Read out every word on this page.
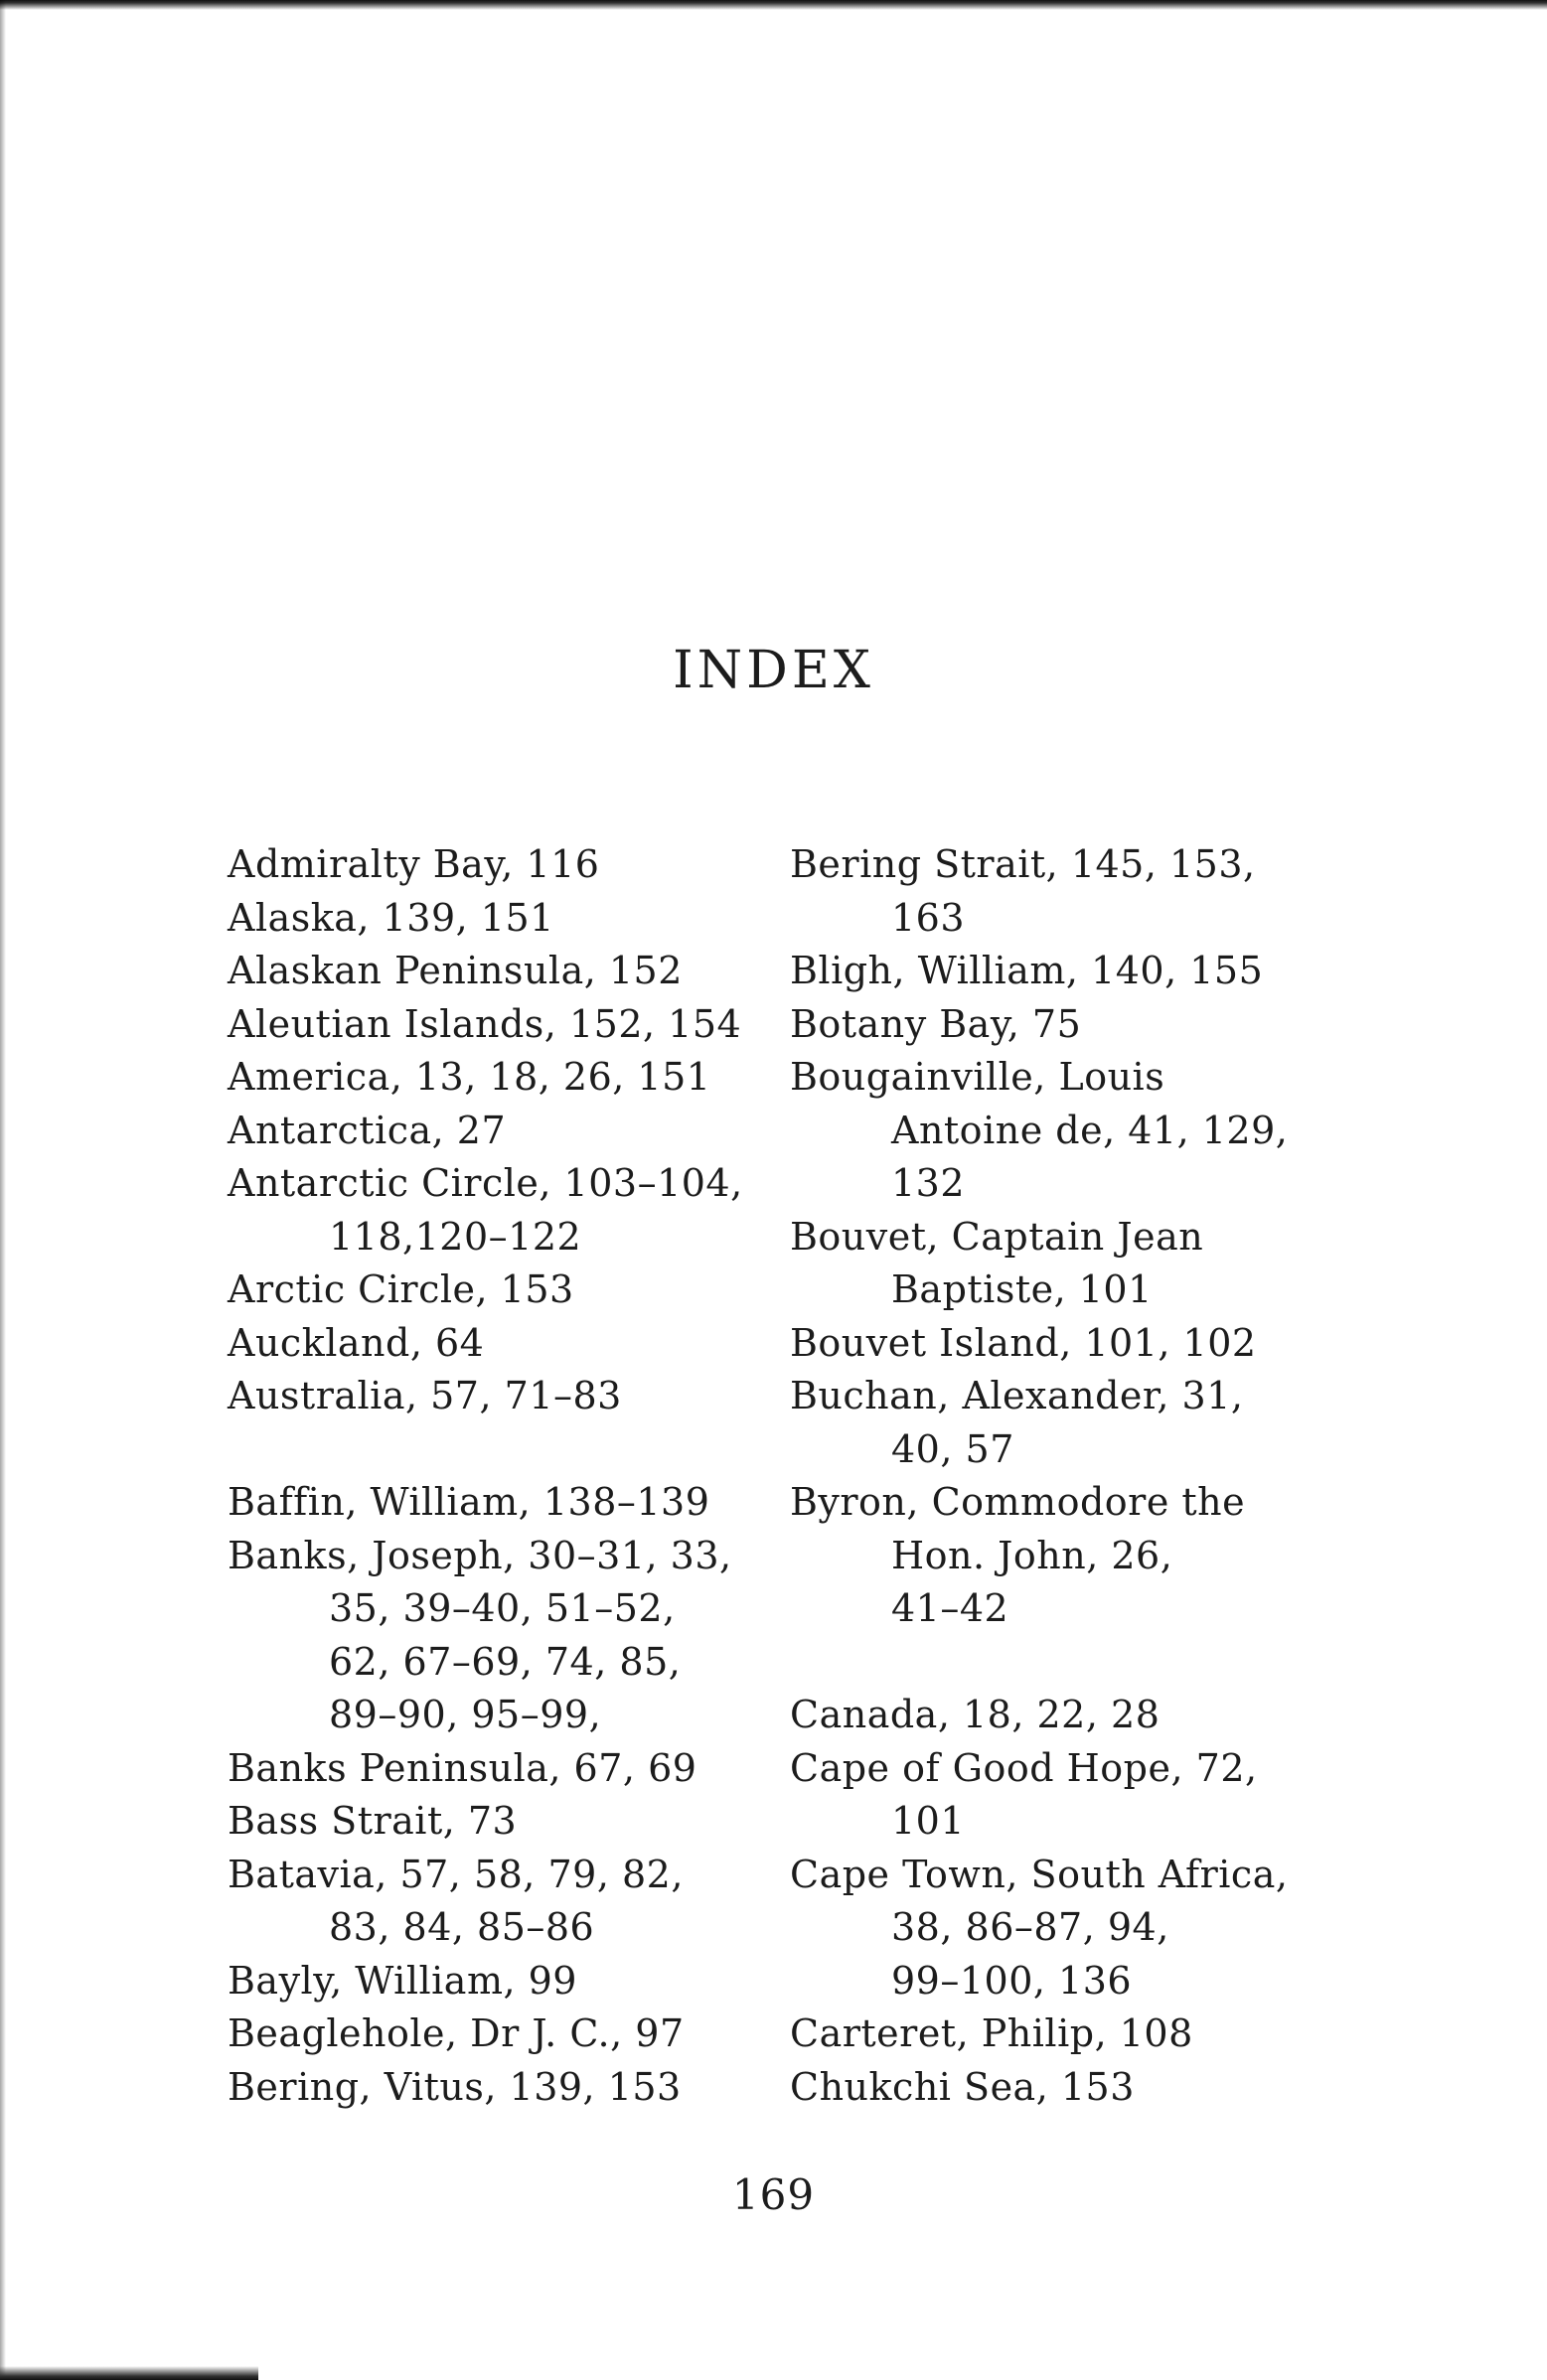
INDEX
Admiralty Bay, 116
Alaska, 139, 151
Alaskan Peninsula, 152
Aleutian Islands, 152, 154
America, 13, 18, 26, 151
Antarctica, 27
Antarctic Circle, 103–104,
118,120–122
Arctic Circle, 153
Auckland, 64
Australia, 57, 71–83
Baffin, William, 138–139
Banks, Joseph, 30–31, 33,
35, 39–40, 51–52,
62, 67–69, 74, 85,
89–90, 95–99,
Banks Peninsula, 67, 69
Bass Strait, 73
Batavia, 57, 58, 79, 82,
83, 84, 85–86
Bayly, William, 99
Beaglehole, Dr J. C., 97
Bering, Vitus, 139, 153
Bering Strait, 145, 153,
163
Bligh, William, 140, 155
Botany Bay, 75
Bougainville, Louis
Antoine de, 41, 129,
132
Bouvet, Captain Jean
Baptiste, 101
Bouvet Island, 101, 102
Buchan, Alexander, 31,
40, 57
Byron, Commodore the
Hon. John, 26,
41–42
Canada, 18, 22, 28
Cape of Good Hope, 72,
101
Cape Town, South Africa,
38, 86–87, 94,
99–100, 136
Carteret, Philip, 108
Chukchi Sea, 153
169
